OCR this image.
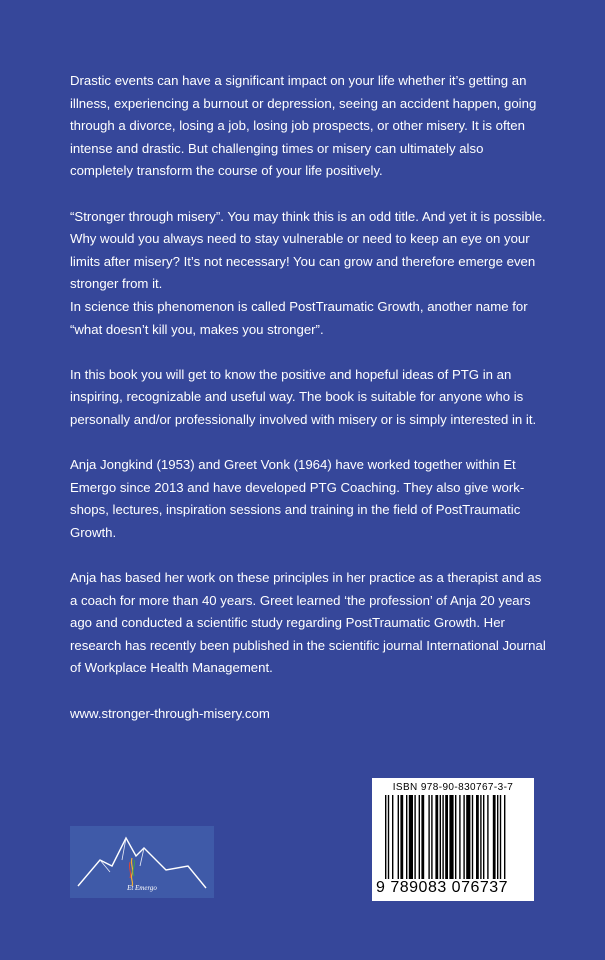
Drastic events can have a significant impact on your life whether it’s getting an illness, experiencing a burnout or depression, seeing an accident happen, going through a divorce, losing a job, losing job prospects, or other misery. It is often intense and drastic. But challenging times or misery can ultimately also completely transform the course of your life positively.

“Stronger through misery”. You may think this is an odd title. And yet it is possible.

Why would you always need to stay vulnerable or need to keep an eye on your limits after misery? It’s not necessary! You can grow and therefore emerge even stronger from it.

In science this phenomenon is called PostTraumatic Growth, another name for “what doesn’t kill you, makes you stronger”.

In this book you will get to know the positive and hopeful ideas of PTG in an inspiring, recognizable and useful way. The book is suitable for anyone who is personally and/or professionally involved with misery or is simply interested in it.

Anja Jongkind (1953) and Greet Vonk (1964) have worked together within Et Emergo since 2013 and have developed PTG Coaching. They also give work-shops, lectures, inspiration sessions and training in the field of PostTraumatic Growth.

Anja has based her work on these principles in her practice as a therapist and as a coach for more than 40 years. Greet learned ‘the profession’ of Anja 20 years ago and conducted a scientific study regarding PostTraumatic Growth. Her research has recently been published in the scientific journal International Journal of Workplace Health Management.

www.stronger-through-misery.com
Et Emergo
ISBN 978-90-830767-3-7
9 789083 076737
